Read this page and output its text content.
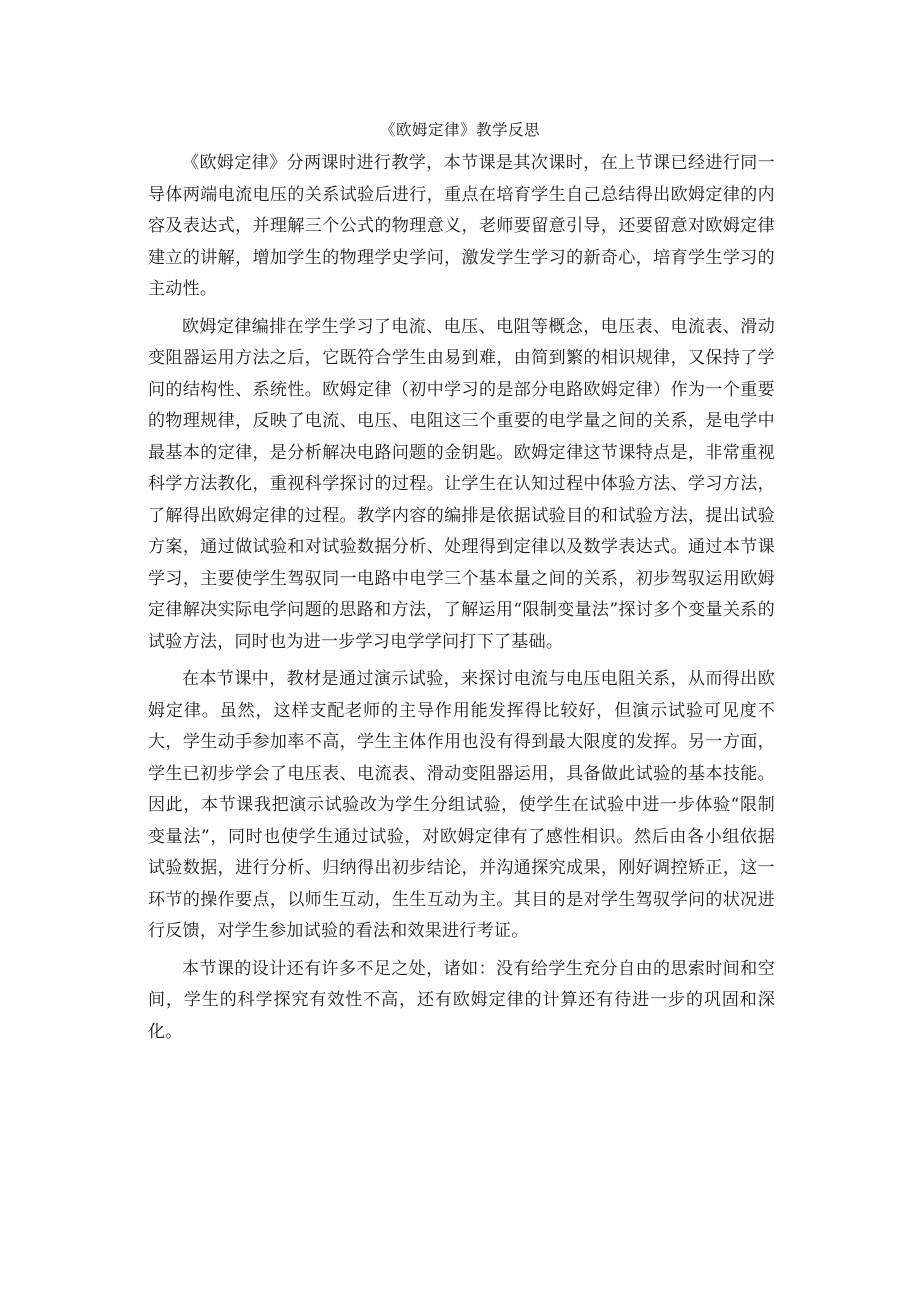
《欧姆定律》教学反思

《欧姆定律》分两课时进行教学，本节课是其次课时，在上节课已经进行同一导体两端电流电压的关系试验后进行，重点在培育学生自己总结得出欧姆定律的内容及表达式，并理解三个公式的物理意义，老师要留意引导，还要留意对欧姆定律建立的讲解，增加学生的物理学史学问，激发学生学习的新奇心，培育学生学习的主动性。

欧姆定律编排在学生学习了电流、电压、电阻等概念，电压表、电流表、滑动变阻器运用方法之后，它既符合学生由易到难，由简到繁的相识规律，又保持了学问的结构性、系统性。欧姆定律（初中学习的是部分电路欧姆定律）作为一个重要的物理规律，反映了电流、电压、电阻这三个重要的电学量之间的关系，是电学中最基本的定律，是分析解决电路问题的金钥匙。欧姆定律这节课特点是，非常重视科学方法教化，重视科学探讨的过程。让学生在认知过程中体验方法、学习方法，了解得出欧姆定律的过程。教学内容的编排是依据试验目的和试验方法，提出试验方案，通过做试验和对试验数据分析、处理得到定律以及数学表达式。通过本节课学习，主要使学生驾驭同一电路中电学三个基本量之间的关系，初步驾驭运用欧姆定律解决实际电学问题的思路和方法，了解运用“限制变量法”探讨多个变量关系的试验方法，同时也为进一步学习电学学问打下了基础。

在本节课中，教材是通过演示试验，来探讨电流与电压电阻关系，从而得出欧姆定律。虽然，这样支配老师的主导作用能发挥得比较好，但演示试验可见度不大，学生动手参加率不高，学生主体作用也没有得到最大限度的发挥。另一方面，学生已初步学会了电压表、电流表、滑动变阻器运用，具备做此试验的基本技能。因此，本节课我把演示试验改为学生分组试验，使学生在试验中进一步体验“限制变量法”，同时也使学生通过试验，对欧姆定律有了感性相识。然后由各小组依据试验数据，进行分析、归纳得出初步结论，并沟通探究成果，刚好调控矫正，这一环节的操作要点，以师生互动，生生互动为主。其目的是对学生驾驭学问的状况进行反馈，对学生参加试验的看法和效果进行考证。

本节课的设计还有许多不足之处，诸如：没有给学生充分自由的思索时间和空间，学生的科学探究有效性不高，还有欧姆定律的计算还有待进一步的巩固和深化。
